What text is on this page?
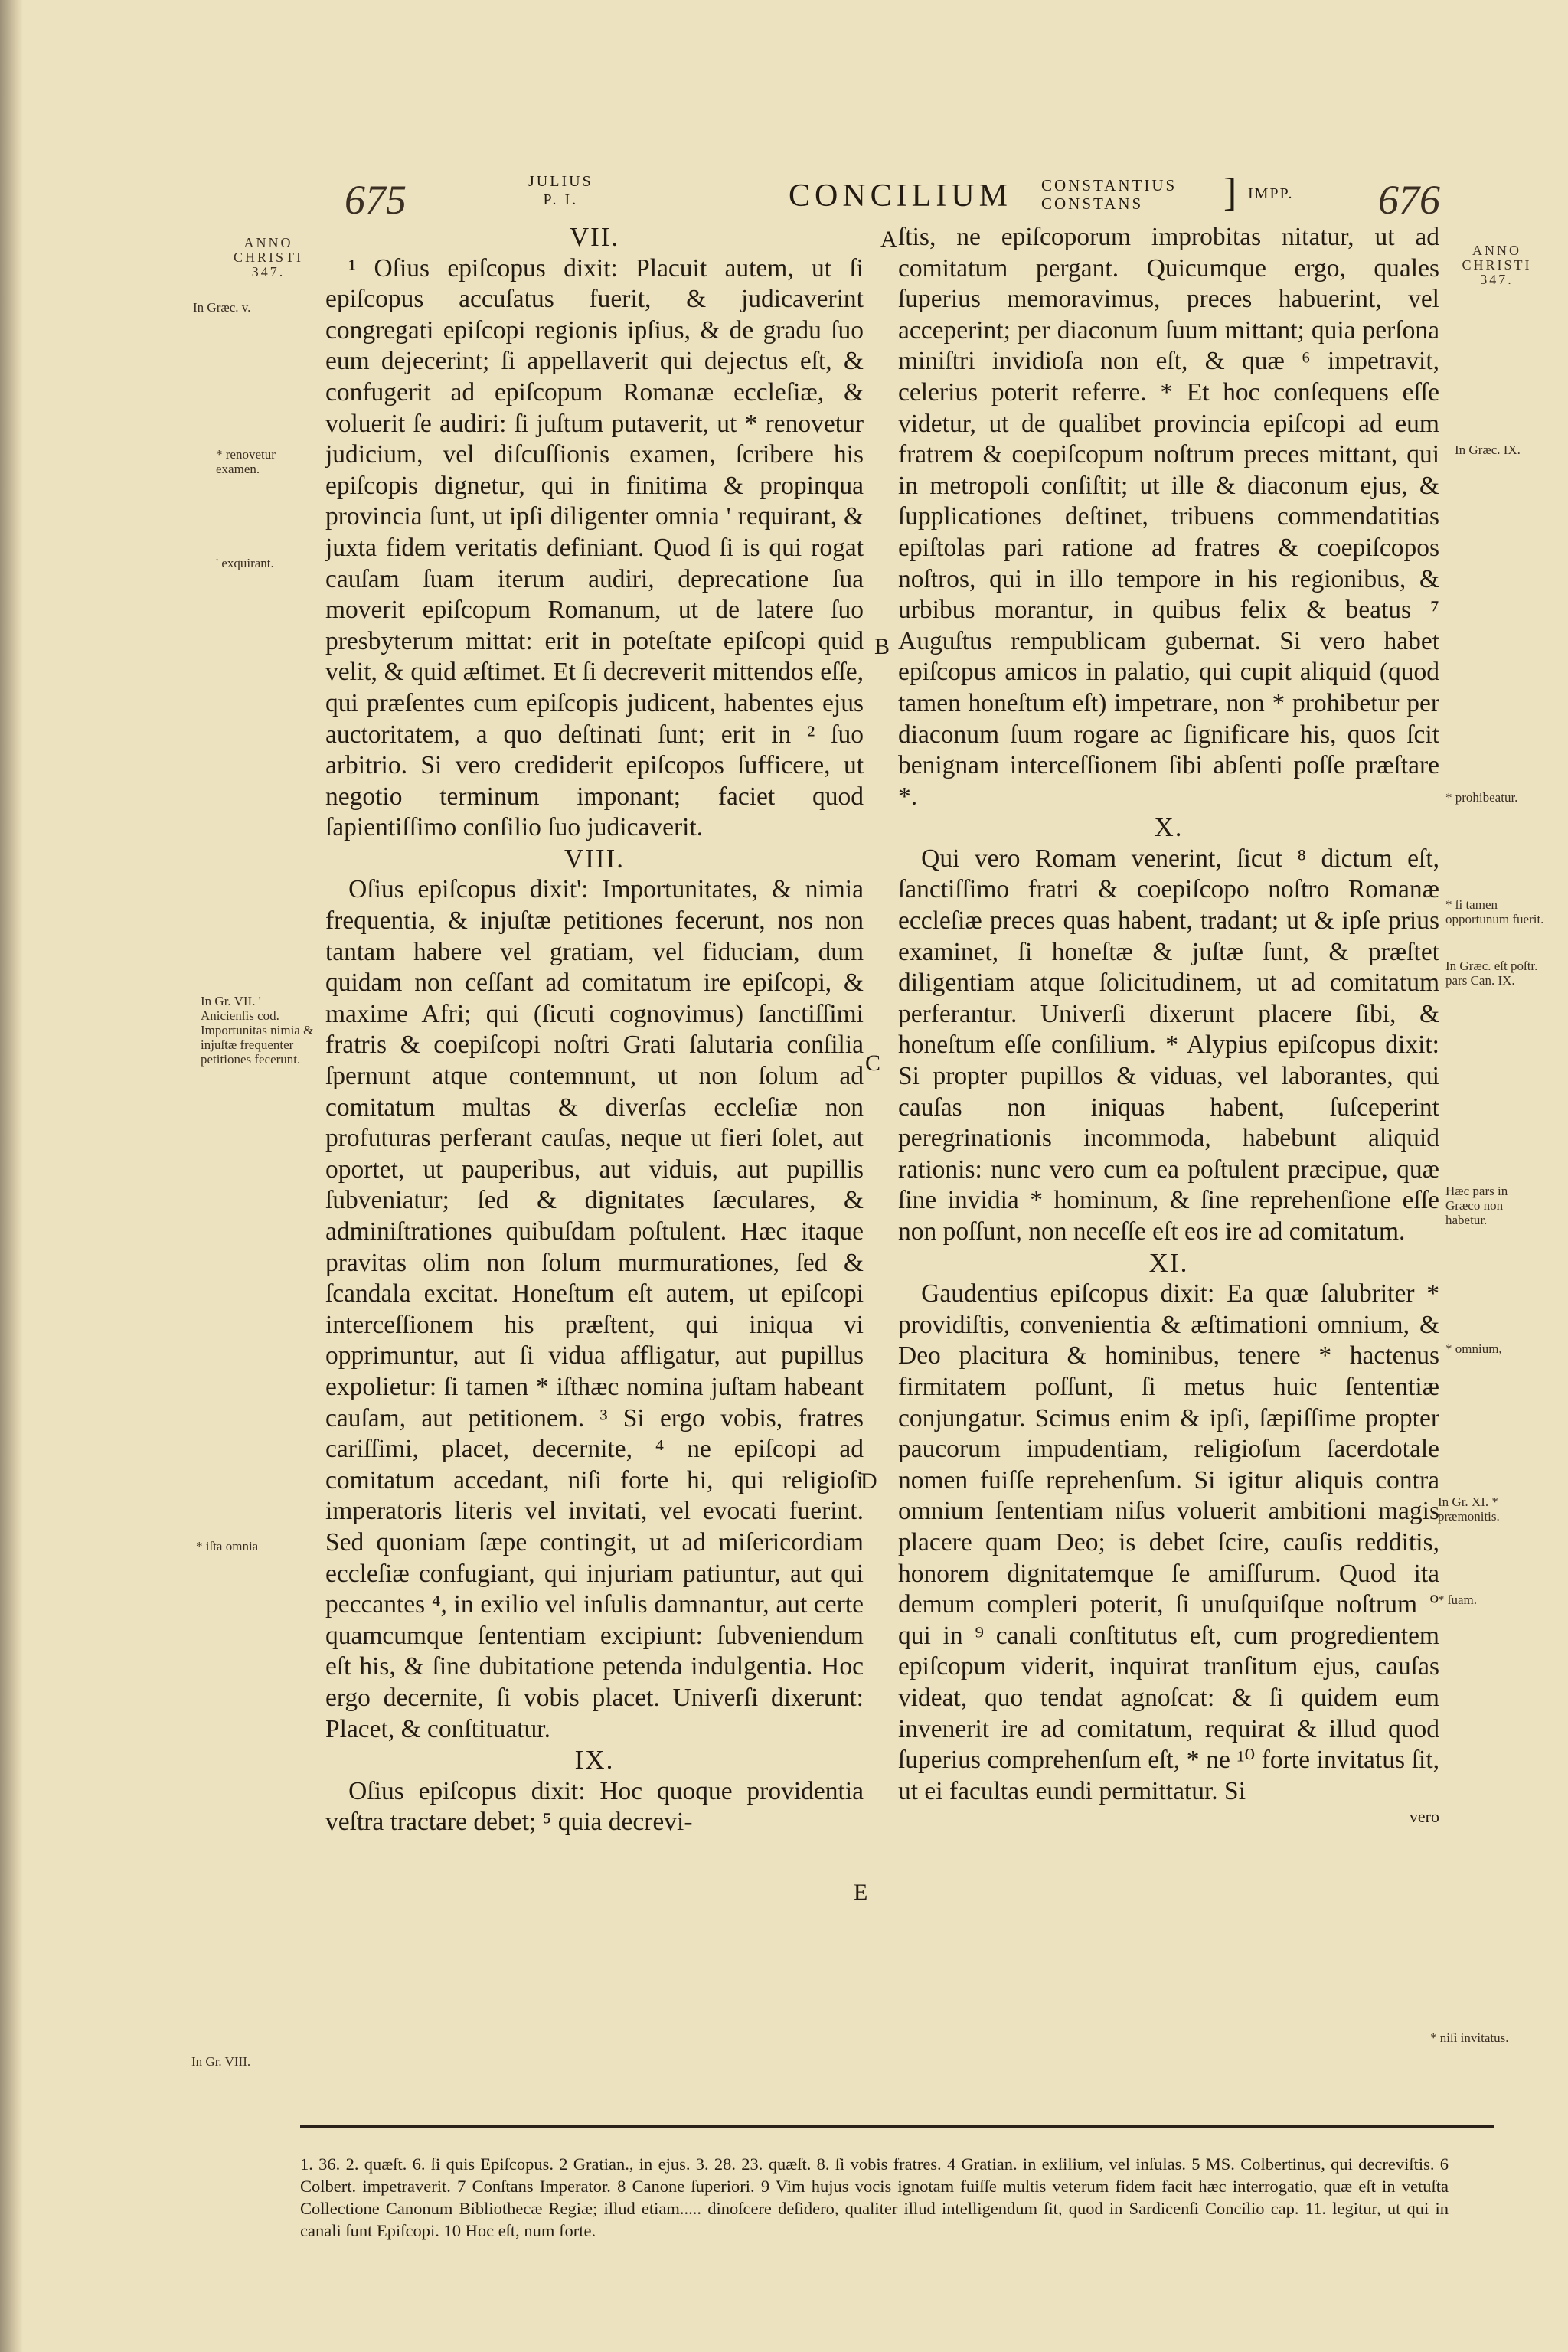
675	JULIUS
P. I.	CONCILIUM CONSTANTIUS
CONSTANS	] IMPP. 676
ANNO
CHRISTI
347.
In Græc. v.
* renovetur examen.
' exquirant.
In Gr. VII. ' Anicienſis cod. Importunitas nimia & injuſtæ frequenter petitiones fecerunt.
* iſta omnia
In Gr. VIII.
A
B
C
D
E
VII.

¹ Oſius epiſcopus dixit: Placuit autem, ut ſi epiſcopus accuſatus fuerit, & judicaverint congregati epiſcopi regionis ipſius, & de gradu ſuo eum dejecerint; ſi appellaverit qui dejectus eſt, & confugerit ad epiſcopum Romanæ eccleſiæ, & voluerit ſe audiri: ſi juſtum putaverit, ut * renovetur judicium, vel diſcuſſionis examen, ſcribere his epiſcopis dignetur, qui in finitima & propinqua provincia ſunt, ut ipſi diligenter omnia ' requirant, & juxta fidem veritatis definiant. Quod ſi is qui rogat cauſam ſuam iterum audiri, deprecatione ſua moverit epiſcopum Romanum, ut de latere ſuo presbyterum mittat: erit in poteſtate epiſcopi quid velit, & quid æſtimet. Et ſi decreverit mittendos eſſe, qui præſentes cum epiſcopis judicent, habentes ejus auctoritatem, a quo deſtinati ſunt; erit in ² ſuo arbitrio. Si vero crediderit epiſcopos ſufficere, ut negotio terminum imponant; faciet quod ſapientiſſimo conſilio ſuo judicaverit.

VIII.

Oſius epiſcopus dixit': Importunitates, & nimia frequentia, & injuſtæ petitiones fecerunt, nos non tantam habere vel gratiam, vel fiduciam, dum quidam non ceſſant ad comitatum ire epiſcopi, & maxime Afri; qui (ſicuti cognovimus) ſanctiſſimi fratris & coepiſcopi noſtri Grati ſalutaria conſilia ſpernunt atque contemnunt, ut non ſolum ad comitatum multas & diverſas eccleſiæ non profuturas perferant cauſas, neque ut fieri ſolet, aut oportet, ut pauperibus, aut viduis, aut pupillis ſubveniatur; ſed & dignitates ſæculares, & adminiſtrationes quibuſdam poſtulent. Hæc itaque pravitas olim non ſolum murmurationes, ſed & ſcandala excitat. Honeſtum eſt autem, ut epiſcopi interceſſionem his præſtent, qui iniqua vi opprimuntur, aut ſi vidua affligatur, aut pupillus expolietur: ſi tamen * iſthæc nomina juſtam habeant cauſam, aut petitionem. ³ Si ergo vobis, fratres cariſſimi, placet, decernite, ⁴ ne epiſcopi ad comitatum accedant, niſi forte hi, qui religioſi imperatoris literis vel invitati, vel evocati fuerint. Sed quoniam ſæpe contingit, ut ad miſericordiam eccleſiæ confugiant, qui injuriam patiuntur, aut qui peccantes ⁴, in exilio vel inſulis damnantur, aut certe quamcumque ſententiam excipiunt: ſubveniendum eſt his, & ſine dubitatione petenda indulgentia. Hoc ergo decernite, ſi vobis placet. Univerſi dixerunt: Placet, & conſtituatur.

IX.

Oſius epiſcopus dixit: Hoc quoque providentia veſtra tractare debet; ⁵ quia decrevi-

ſtis, ne epiſcoporum improbitas nitatur, ut ad comitatum pergant. Quicumque ergo, quales ſuperius memoravimus, preces habuerint, vel acceperint; per diaconum ſuum mittant; quia perſona miniſtri invidioſa non eſt, & quæ ⁶ impetravit, celerius poterit referre. * Et hoc conſequens eſſe videtur, ut de qualibet provincia epiſcopi ad eum fratrem & coepiſcopum noſtrum preces mittant, qui in metropoli conſiſtit; ut ille & diaconum ejus, & ſupplicationes deſtinet, tribuens commendatitias epiſtolas pari ratione ad fratres & coepiſcopos noſtros, qui in illo tempore in his regionibus, & urbibus morantur, in quibus felix & beatus ⁷ Auguſtus rempublicam gubernat. Si vero habet epiſcopus amicos in palatio, qui cupit aliquid (quod tamen honeſtum eſt) impetrare, non * prohibetur per diaconum ſuum rogare ac ſignificare his, quos ſcit benignam interceſſionem ſibi abſenti poſſe præſtare *.

X.

Qui vero Romam venerint, ſicut ⁸ dictum eſt, ſanctiſſimo fratri & coepiſcopo noſtro Romanæ eccleſiæ preces quas habent, tradant; ut & ipſe prius examinet, ſi honeſtæ & juſtæ ſunt, & præſtet diligentiam atque ſolicitudinem, ut ad comitatum perferantur. Univerſi dixerunt placere ſibi, & honeſtum eſſe conſilium. * Alypius epiſcopus dixit: Si propter pupillos & viduas, vel laborantes, qui cauſas non iniquas habent, ſuſceperint peregrinationis incommoda, habebunt aliquid rationis: nunc vero cum ea poſtulent præcipue, quæ ſine invidia * hominum, & ſine reprehenſione eſſe non poſſunt, non neceſſe eſt eos ire ad comitatum.

XI.

Gaudentius epiſcopus dixit: Ea quæ ſalubriter * providiſtis, convenientia & æſtimationi omnium, & Deo placitura & hominibus, tenere * hactenus firmitatem poſſunt, ſi metus huic ſententiæ conjungatur. Scimus enim & ipſi, ſæpiſſime propter paucorum impudentiam, religioſum ſacerdotale nomen fuiſſe reprehenſum. Si igitur aliquis contra omnium ſententiam niſus voluerit ambitioni magis placere quam Deo; is debet ſcire, cauſis redditis, honorem dignitatemque ſe amiſſurum. Quod ita demum compleri poterit, ſi unuſquiſque noſtrum ° qui in ⁹ canali conſtitutus eſt, cum progredientem epiſcopum viderit, inquirat tranſitum ejus, cauſas videat, quo tendat agnoſcat: & ſi quidem eum invenerit ire ad comitatum, requirat & illud quod ſuperius comprehenſum eſt, * ne ¹⁰ forte invitatus ſit, ut ei facultas eundi permittatur. Si

vero
ANNO
CHRISTI
347.
In Græc. IX.
* prohibeatur.
* ſi tamen opportunum fuerit.
In Græc. eſt poſtr. pars Can. IX.
Hæc pars in Græco non habetur.
* omnium,
In Gr. XI. * præmonitis.
* ſuam.
* niſi invitatus.
1. 36. 2. quæſt. 6. ſi quis Epiſcopus. 2 Gratian., in ejus. 3. 28. 23. quæſt. 8. ſi vobis fratres. 4 Gratian. in exſilium, vel inſulas. 5 MS. Colbertinus, qui decreviſtis. 6 Colbert. impetraverit. 7 Conſtans Imperator. 8 Canone ſuperiori. 9 Vim hujus vocis ignotam fuiſſe multis veterum fidem facit hæc interrogatio, quæ eſt in vetuſta Collectione Canonum Bibliothecæ Regiæ; illud etiam..... dinoſcere deſidero, qualiter illud intelligendum ſit, quod in Sardicenſi Concilio cap. 11. legitur, ut qui in canali ſunt Epiſcopi. 10 Hoc eſt, num forte.
